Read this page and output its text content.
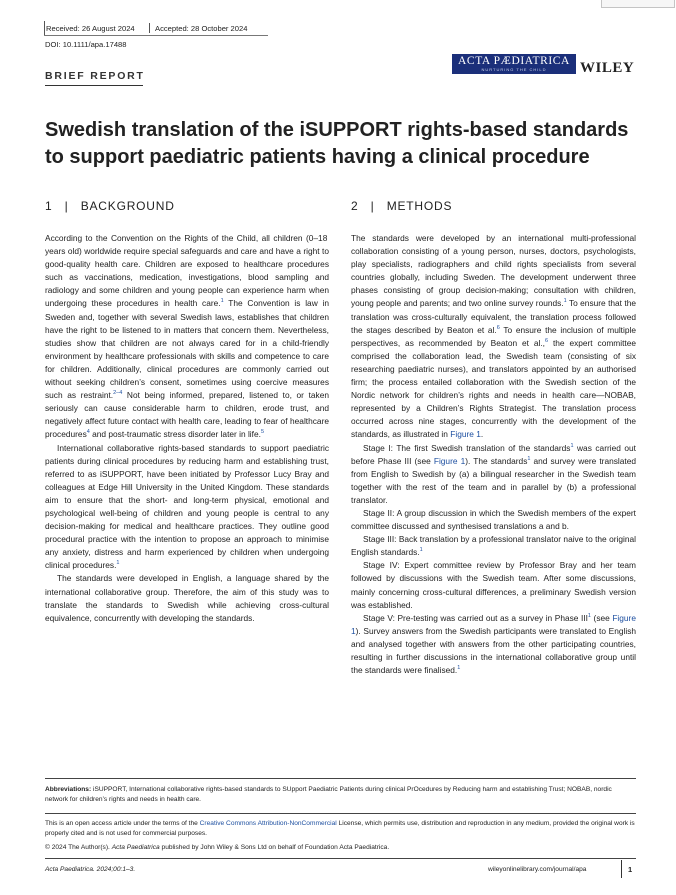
Received: 26 August 2024	Accepted: 28 October 2024
DOI: 10.1111/apa.17488
BRIEF REPORT
ACTA PÆDIATRICA
NURTURING THE CHILD	WILEY
Swedish translation of the iSUPPORT rights-based standards
to support paediatric patients having a clinical procedure
1 | BACKGROUND	2 | METHODS

According to the Convention on the Rights of the Child, all children (0–18 years old) worldwide require special safeguards and care and have a right to good-quality health care. Children are exposed to healthcare procedures such as vaccinations, medication, investigations, blood sampling and radiology and some children and young people can experience harm when undergoing these procedures in health care.$^1$ The Convention is law in Sweden and, together with several Swedish laws, establishes that children have the right to be listened to in matters that concern them. Nevertheless, studies show that children are not always cared for in a child-friendly environment by healthcare professionals with skills and competence to care for children. Additionally, clinical procedures are commonly carried out without seeking children’s consent, sometimes using coercive measures such as restraint.$^{2-4}$ Not being informed, prepared, listened to, or taken seriously can cause considerable harm to children, erode trust, and negatively affect future contact with health care, leading to fear of healthcare procedures$^4$ and post-traumatic stress disorder later in life.$^5$

International collaborative rights-based standards to support paediatric patients during clinical procedures by reducing harm and establishing trust, referred to as iSUPPORT, have been initiated by Professor Lucy Bray and colleagues at Edge Hill University in the United Kingdom. These standards aim to ensure that the short- and long-term physical, emotional and psychological well-being of children and young people is central to any decision-making for medical and healthcare practices. They outline good procedural practice with the intention to propose an approach to minimise any anxiety, distress and harm experienced by children when undergoing clinical procedures.$^1$

The standards were developed in English, a language shared by the international collaborative group. Therefore, the aim of this study was to translate the standards to Swedish while achieving cross-cultural equivalence, concurrently with developing the standards.

The standards were developed by an international multi-professional collaboration consisting of a young person, nurses, doctors, psychologists, play specialists, radiographers and child rights specialists from several countries globally, including Sweden. The development underwent three phases consisting of group decision-making; consultation with children, young people and parents; and two online survey rounds.$^1$ To ensure that the translation was cross-culturally equivalent, the translation process followed the stages described by Beaton et al.$^6$ To ensure the inclusion of multiple perspectives, as recommended by Beaton et al.,$^6$ the expert committee comprised the collaboration lead, the Swedish team (consisting of six researching paediatric nurses), and translators appointed by an authorised firm; the process entailed collaboration with the Swedish section of the Nordic network for children’s rights and needs in health care—NOBAB, represented by a Children’s Rights Strategist. The translation process occurred across nine stages, concurrently with the development of the standards, as illustrated in Figure 1.

Stage I: The first Swedish translation of the standards$^1$ was carried out before Phase III (see Figure 1). The standards$^1$ and survey were translated from English to Swedish by (a) a bilingual researcher in the Swedish team together with the rest of the team and in parallel by (b) a professional translator.

Stage II: A group discussion in which the Swedish members of the expert committee discussed and synthesised translations a and b.

Stage III: Back translation by a professional translator naive to the original English standards.$^1$

Stage IV: Expert committee review by Professor Bray and her team followed by discussions with the Swedish team. After some discussions, mainly concerning cross-cultural differences, a preliminary Swedish version was established.

Stage V: Pre-testing was carried out as a survey in Phase III$^1$ (see Figure 1). Survey answers from the Swedish participants were translated to English and analysed together with answers from the other participating countries, resulting in further discussions in the international collaborative group until the standards were finalised.$^1$

Abbreviations: iSUPPORT, International collaborative rights-based standards to SUpport Paediatric Patients during clinical PrOcedures by Reducing harm and establishing Trust; NOBAB, nordic network for children’s rights and needs in health care.
This is an open access article under the terms of the Creative Commons Attribution-NonCommercial License, which permits use, distribution and reproduction in any medium, provided the original work is properly cited and is not used for commercial purposes.
© 2024 The Author(s). Acta Paediatrica published by John Wiley & Sons Ltd on behalf of Foundation Acta Paediatrica.
Acta Paediatrica. 2024;00:1–3.	wileyonlinelibrary.com/journal/apa	1
